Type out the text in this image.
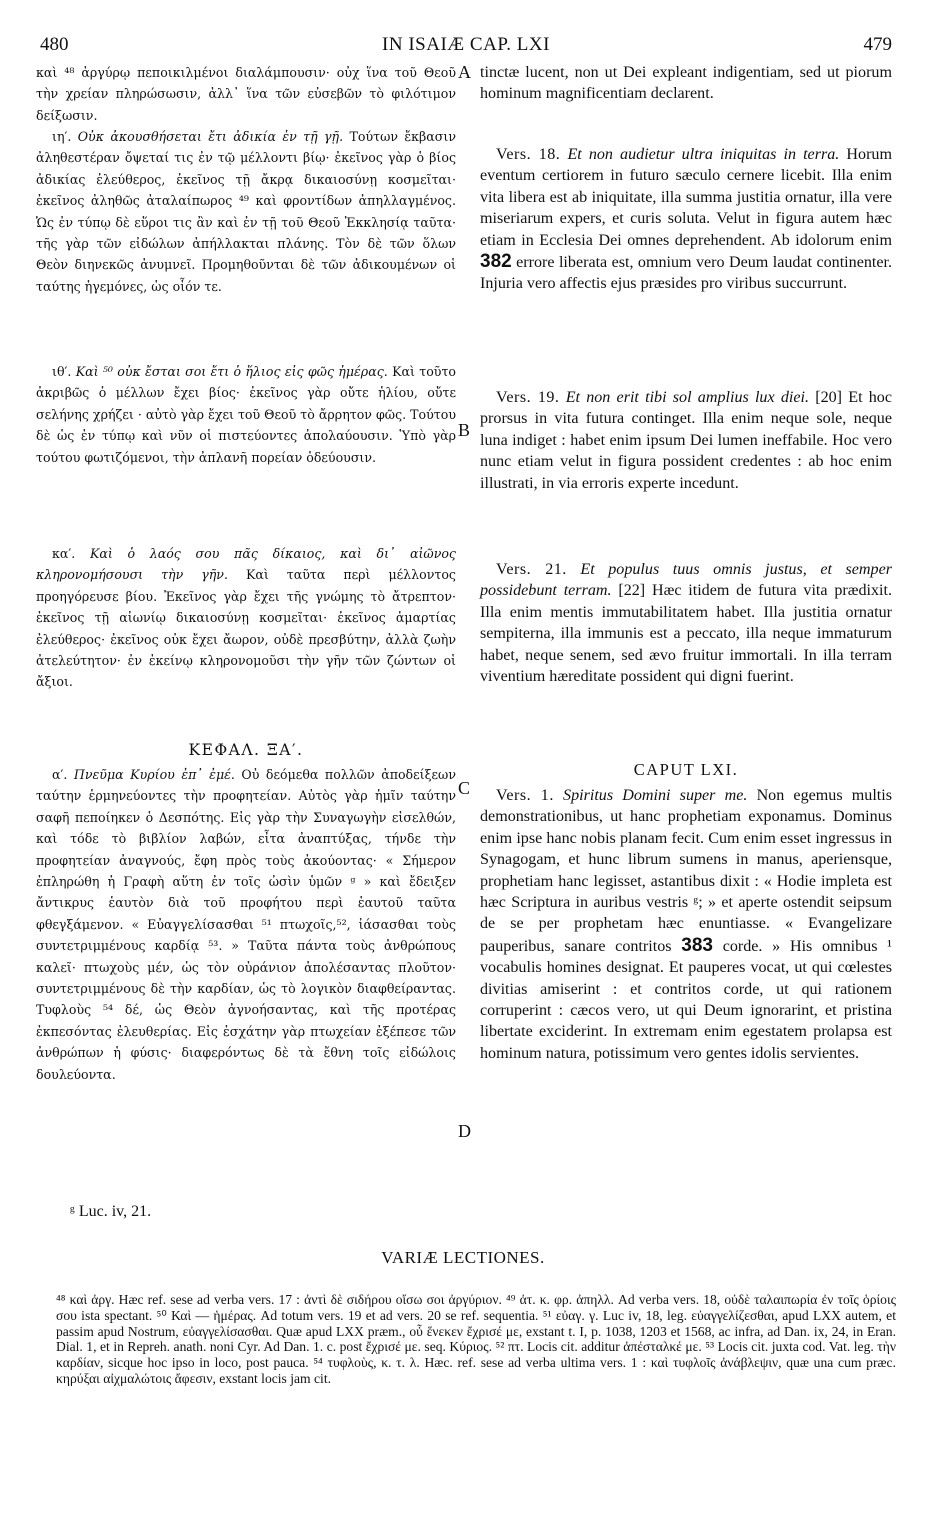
480	IN ISAIÆ CAP. LXI	479

καὶ ⁴⁸ ἀργύρῳ πεποικιλμένοι διαλάμπουσιν· οὐχ ἵνα τοῦ Θεοῦ τὴν χρείαν πληρώσωσιν, ἀλλ᾽ ἵνα τῶν εὐσεβῶν τὸ φιλότιμον δείξωσιν.

ιη′. Οὐκ ἀκουσθήσεται ἔτι ἀδικία ἐν τῇ γῇ. Τούτων ἔκβασιν ἀληθεστέραν ὄψεταί τις ἐν τῷ μέλλοντι βίῳ· ἐκεῖνος γὰρ ὁ βίος ἀδικίας ἐλεύθερος, ἐκεῖνος τῇ ἄκρᾳ δικαιοσύνῃ κοσμεῖται· ἐκεῖνος ἀληθῶς ἀταλαίπωρος ⁴⁹ καὶ φροντίδων ἀπηλλαγμένος. Ὡς ἐν τύπῳ δὲ εὕροι τις ἂν καὶ ἐν τῇ τοῦ Θεοῦ Ἐκκλησίᾳ ταῦτα· τῆς γὰρ τῶν εἰδώλων ἀπήλλακται πλάνης. Τὸν δὲ τῶν ὅλων Θεὸν διηνεκῶς ἀνυμνεῖ. Προμηθοῦνται δὲ τῶν ἀδικουμένων οἱ ταύτης ἡγεμόνες, ὡς οἷόν τε.

ιθ′. Καὶ ⁵⁰ οὐκ ἔσται σοι ἔτι ὁ ἥλιος εἰς φῶς ἡμέρας. Καὶ τοῦτο ἀκριβῶς ὁ μέλλων ἔχει βίος· ἐκεῖνος γὰρ οὔτε ἡλίου, οὔτε σελήνης χρήζει · αὐτὸ γὰρ ἔχει τοῦ Θεοῦ τὸ ἄρρητον φῶς. Τούτου δὲ ὡς ἐν τύπῳ καὶ νῦν οἱ πιστεύοντες ἀπολαύουσιν. Ὑπὸ γὰρ τούτου φωτιζόμενοι, τὴν ἀπλανῆ πορείαν ὁδεύουσιν.

κα′. Καὶ ὁ λαός σου πᾶς δίκαιος, καὶ δι᾽ αἰῶνος κληρονομήσουσι τὴν γῆν. Καὶ ταῦτα περὶ μέλλοντος προηγόρευσε βίου. Ἐκεῖνος γὰρ ἔχει τῆς γνώμης τὸ ἄτρεπτον· ἐκεῖνος τῇ αἰωνίῳ δικαιοσύνῃ κοσμεῖται· ἐκεῖνος ἁμαρτίας ἐλεύθερος· ἐκεῖνος οὐκ ἔχει ἄωρον, οὐδὲ πρεσβύτην, ἀλλὰ ζωὴν ἀτελεύτητον· ἐν ἐκείνῳ κληρονομοῦσι τὴν γῆν τῶν ζώντων οἱ ἄξιοι.

ΚΕΦΑΛ. ΞΑ′.

α′. Πνεῦμα Κυρίου ἐπ᾽ ἐμέ. Οὐ δεόμεθα πολλῶν ἀποδείξεων ταύτην ἑρμηνεύοντες τὴν προφητείαν. Αὐτὸς γὰρ ἡμῖν ταύτην σαφῆ πεποίηκεν ὁ Δεσπότης. Εἰς γὰρ τὴν Συναγωγὴν εἰσελθών, καὶ τόδε τὸ βιβλίον λαβών, εἶτα ἀναπτύξας, τήνδε τὴν προφητείαν ἀναγνούς, ἔφη πρὸς τοὺς ἀκούοντας· « Σήμερον ἐπληρώθη ἡ Γραφὴ αὕτη ἐν τοῖς ὠσὶν ὑμῶν ᵍ » καὶ ἔδειξεν ἄντικρυς ἑαυτὸν διὰ τοῦ προφήτου περὶ ἑαυτοῦ ταῦτα φθεγξάμενον. « Εὐαγγελίσασθαι ⁵¹ πτωχοῖς,⁵², ἰάσασθαι τοὺς συντετριμμένους καρδίᾳ ⁵³. » Ταῦτα πάντα τοὺς ἀνθρώπους καλεῖ· πτωχοὺς μέν, ὡς τὸν οὐράνιον ἀπολέσαντας πλοῦτον· συντετριμμένους δὲ τὴν καρδίαν, ὡς τὸ λογικὸν διαφθείραντας. Τυφλοὺς ⁵⁴ δέ, ὡς Θεὸν ἀγνοήσαντας, καὶ τῆς προτέρας ἐκπεσόντας ἐλευθερίας. Εἰς ἐσχάτην γὰρ πτωχείαν ἐξέπεσε τῶν ἀνθρώπων ἡ φύσις· διαφερόντως δὲ τὰ ἔθνη τοῖς εἰδώλοις δουλεύοντα.

A
B
C
D

tinctæ lucent, non ut Dei expleant indigentiam, sed ut piorum hominum magnificentiam declarent.

Vers. 18. Et non audietur ultra iniquitas in terra. Horum eventum certiorem in futuro sæculo cernere licebit. Illa enim vita libera est ab iniquitate, illa summa justitia ornatur, illa vere miseriarum expers, et curis soluta. Velut in figura autem hæc etiam in Ecclesia Dei omnes deprehendent. Ab idolorum enim 382 errore liberata est, omnium vero Deum laudat continenter. Injuria vero affectis ejus præsides pro viribus succurrunt.

Vers. 19. Et non erit tibi sol amplius lux diei. [20] Et hoc prorsus in vita futura continget. Illa enim neque sole, neque luna indiget : habet enim ipsum Dei lumen ineffabile. Hoc vero nunc etiam velut in figura possident credentes : ab hoc enim illustrati, in via erroris experte incedunt.

Vers. 21. Et populus tuus omnis justus, et semper possidebunt terram. [22] Hæc itidem de futura vita prædixit. Illa enim mentis immutabilitatem habet. Illa justitia ornatur sempiterna, illa immunis est a peccato, illa neque immaturum habet, neque senem, sed ævo fruitur immortali. In illa terram viventium hæreditate possident qui digni fuerint.

CAPUT LXI.

Vers. 1. Spiritus Domini super me. Non egemus multis demonstrationibus, ut hanc prophetiam exponamus. Dominus enim ipse hanc nobis planam fecit. Cum enim esset ingressus in Synagogam, et hunc librum sumens in manus, aperiensque, prophetiam hanc legisset, astantibus dixit : « Hodie impleta est hæc Scriptura in auribus vestris ᵍ; » et aperte ostendit seipsum de se per prophetam hæc enuntiasse. « Evangelizare pauperibus, sanare contritos 383 corde. » His omnibus ¹ vocabulis homines designat. Et pauperes vocat, ut qui cœlestes divitias amiserint : et contritos corde, ut qui rationem corruperint : cæcos vero, ut qui Deum ignorarint, et pristina libertate exciderint. In extremam enim egestatem prolapsa est hominum natura, potissimum vero gentes idolis servientes.

ᵍ Luc. iv, 21.
VARIÆ LECTIONES.
⁴⁸ καὶ ἀργ. Hæc ref. sese ad verba vers. 17 : ἀντὶ δὲ σιδήρου οἴσω σοι ἀργύριον. ⁴⁹ ἀτ. κ. φρ. ἀπηλλ. Ad verba vers. 18, οὐδὲ ταλαιπωρία ἐν τοῖς ὁρίοις σου ista spectant. ⁵⁰ Καὶ — ἡμέρας. Ad totum vers. 19 et ad vers. 20 se ref. sequentia. ⁵¹ εὐαγ. γ. Luc iv, 18, leg. εὐαγγελίζεσθαι, apud LXX autem, et passim apud Nostrum, εὐαγγελίσασθαι. Quæ apud LXX præm., οὗ ἕνεκεν ἔχρισέ με, exstant t. I, p. 1038, 1203 et 1568, ac infra, ad Dan. ix, 24, in Eran. Dial. 1, et in Repreh. anath. noni Cyr. Ad Dan. 1. c. post ἔχρισέ με. seq. Κύριος. ⁵² πτ. Locis cit. additur ἀπέσταλκέ με. ⁵³ Locis cit. juxta cod. Vat. leg. τὴν καρδίαν, sicque hoc ipso in loco, post pauca. ⁵⁴ τυφλοὺς, κ. τ. λ. Hæc. ref. sese ad verba ultima vers. 1 : καὶ τυφλοῖς ἀνάβλεψιν, quæ una cum præc. κηρύξαι αἰχμαλώτοις ἄφεσιν, exstant locis jam cit.
